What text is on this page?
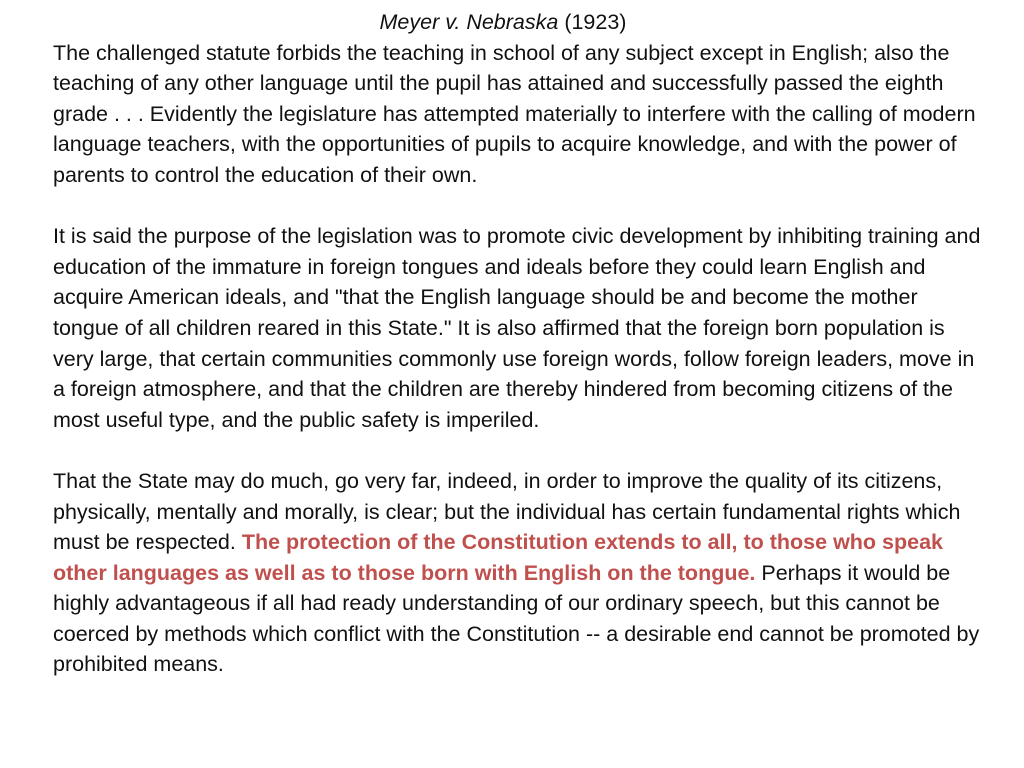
Meyer v. Nebraska (1923)

The challenged statute forbids the teaching in school of any subject except in English; also the teaching of any other language until the pupil has attained and successfully passed the eighth grade . . . Evidently the legislature has attempted materially to interfere with the calling of modern language teachers, with the opportunities of pupils to acquire knowledge, and with the power of parents to control the education of their own.

It is said the purpose of the legislation was to promote civic development by inhibiting training and education of the immature in foreign tongues and ideals before they could learn English and acquire American ideals, and "that the English language should be and become the mother tongue of all children reared in this State." It is also affirmed that the foreign born population is very large, that certain communities commonly use foreign words, follow foreign leaders, move in a foreign atmosphere, and that the children are thereby hindered from becoming citizens of the most useful type, and the public safety is imperiled.

That the State may do much, go very far, indeed, in order to improve the quality of its citizens, physically, mentally and morally, is clear; but the individual has certain fundamental rights which must be respected. The protection of the Constitution extends to all, to those who speak other languages as well as to those born with English on the tongue. Perhaps it would be highly advantageous if all had ready understanding of our ordinary speech, but this cannot be coerced by methods which conflict with the Constitution -- a desirable end cannot be promoted by prohibited means.
